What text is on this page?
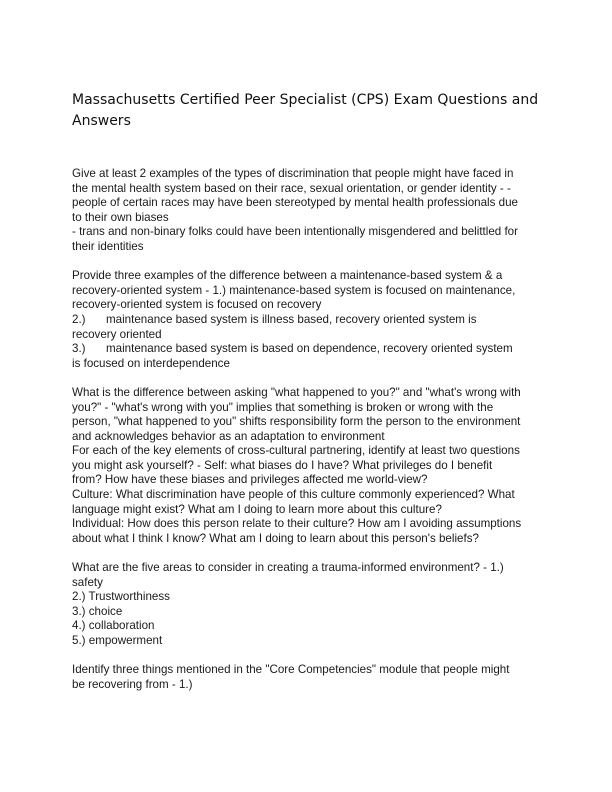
Massachusetts Certified Peer Specialist (CPS) Exam Questions and
Answers
Give at least 2 examples of the types of discrimination that people might have faced in
the mental health system based on their race, sexual orientation, or gender identity - -
people of certain races may have been stereotyped by mental health professionals due
to their own biases
- trans and non-binary folks could have been intentionally misgendered and belittled for
their identities
Provide three examples of the difference between a maintenance-based system & a
recovery-oriented system - 1.) maintenance-based system is focused on maintenance,
recovery-oriented system is focused on recovery
2.) maintenance based system is illness based, recovery oriented system is
recovery oriented
3.) maintenance based system is based on dependence, recovery oriented system
is focused on interdependence
What is the difference between asking "what happened to you?" and "what's wrong with
you?" - "what's wrong with you" implies that something is broken or wrong with the
person, "what happened to you" shifts responsibility form the person to the environment
and acknowledges behavior as an adaptation to environment
For each of the key elements of cross-cultural partnering, identify at least two questions
you might ask yourself? - Self: what biases do I have? What privileges do I benefit
from? How have these biases and privileges affected me world-view?
Culture: What discrimination have people of this culture commonly experienced? What
language might exist? What am I doing to learn more about this culture?
Individual: How does this person relate to their culture? How am I avoiding assumptions
about what I think I know? What am I doing to learn about this person's beliefs?
What are the five areas to consider in creating a trauma-informed environment? - 1.)
safety
2.) Trustworthiness
3.) choice
4.) collaboration
5.) empowerment
Identify three things mentioned in the "Core Competencies" module that people might
be recovering from - 1.)
